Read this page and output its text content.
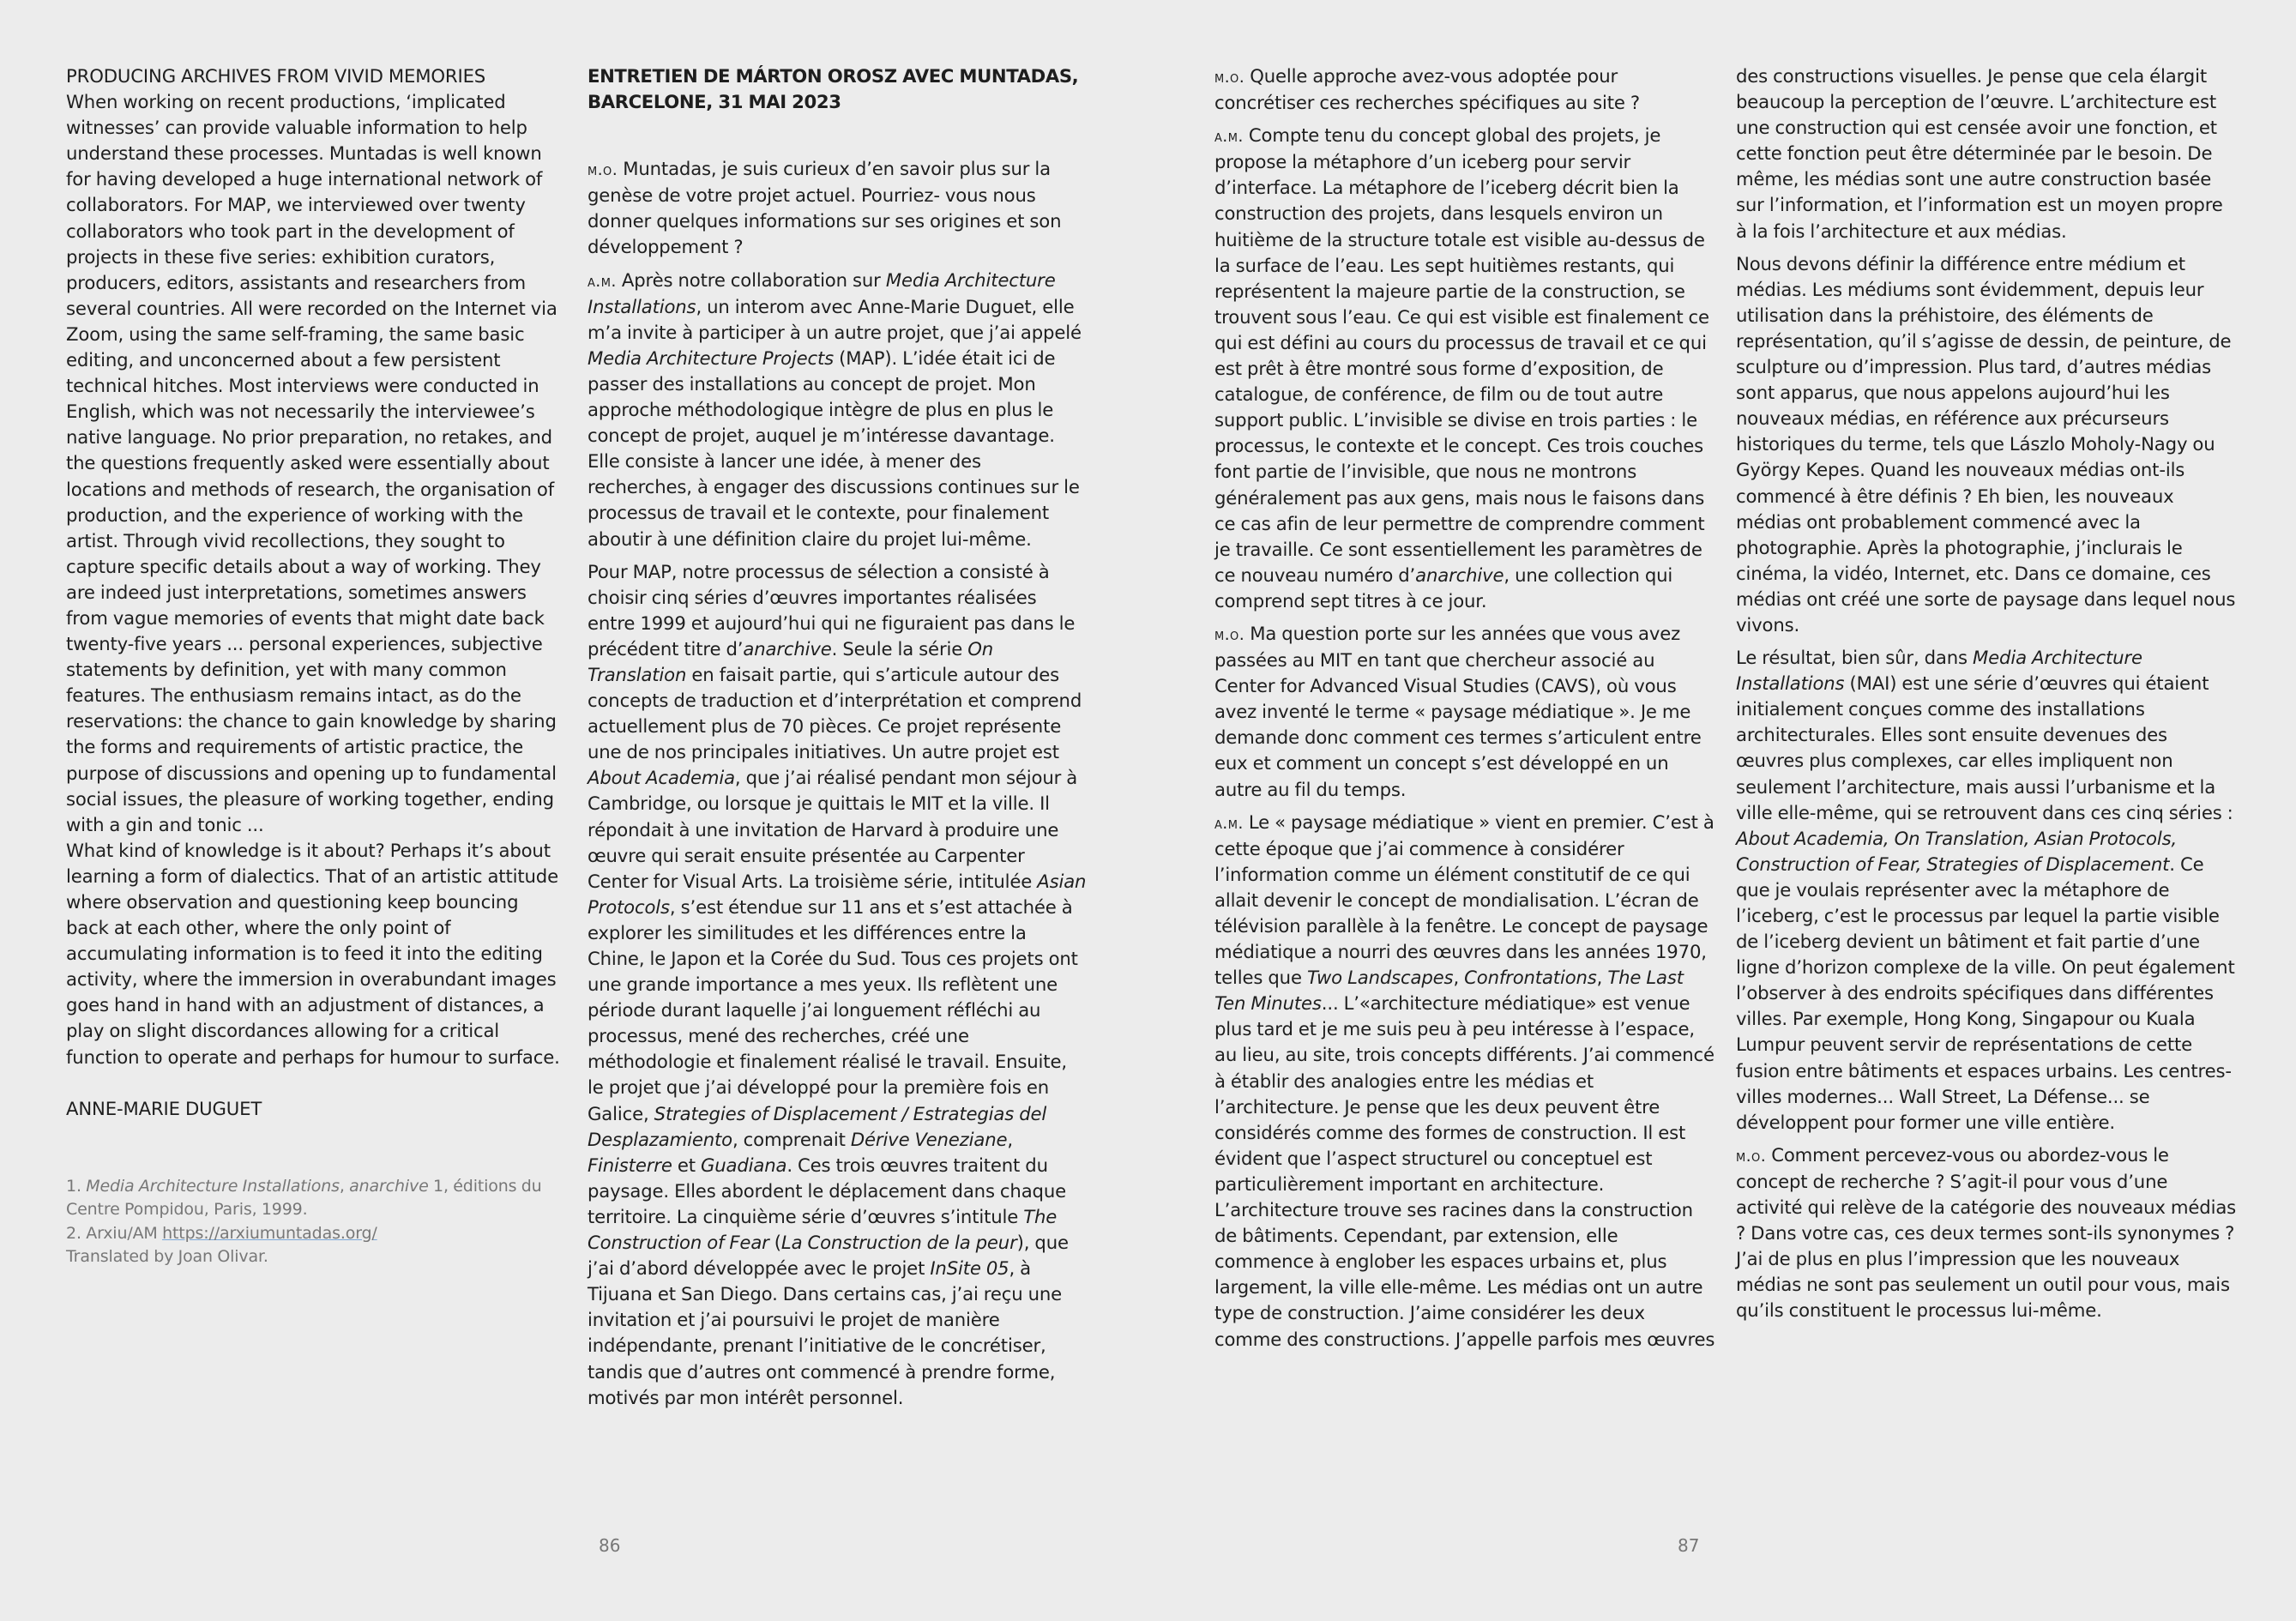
PRODUCING ARCHIVES FROM VIVID MEMORIES

When working on recent productions, ‘implicated witnesses’ can provide valuable information to help understand these processes. Muntadas is well known for having developed a huge international network of collaborators. For MAP, we interviewed over twenty collaborators who took part in the development of projects in these five series: exhibition curators, producers, editors, assistants and researchers from several countries. All were recorded on the Internet via Zoom, using the same self-framing, the same basic editing, and unconcerned about a few persistent technical hitches. Most interviews were conducted in English, which was not necessarily the interviewee’s native language. No prior preparation, no retakes, and the questions frequently asked were essentially about locations and methods of research, the organisation of production, and the experience of working with the artist. Through vivid recollections, they sought to capture specific details about a way of working. They are indeed just interpretations, sometimes answers from vague memories of events that might date back twenty-five years ... personal experiences, subjective statements by definition, yet with many common features. The enthusiasm remains intact, as do the reservations: the chance to gain knowledge by sharing the forms and requirements of artistic practice, the purpose of discussions and opening up to fundamental social issues, the pleasure of working together, ending with a gin and tonic ...

What kind of knowledge is it about? Perhaps it’s about learning a form of dialectics. That of an artistic attitude where observation and questioning keep bouncing back at each other, where the only point of accumulating information is to feed it into the editing activity, where the immersion in overabundant images goes hand in hand with an adjustment of distances, a play on slight discordances allowing for a critical function to operate and perhaps for humour to surface.

ANNE-MARIE DUGUET

1. Media Architecture Installations, anarchive 1, éditions du Centre Pompidou, Paris, 1999.

2. Arxiu/AM https://arxiumuntadas.org/

Translated by Joan Olivar.

ENTRETIEN DE MÁRTON OROSZ AVEC MUNTADAS, BARCELONE, 31 MAI 2023

m.o. Muntadas, je suis curieux d’en savoir plus sur la genèse de votre projet actuel. Pourriez- vous nous donner quelques informations sur ses origines et son développement ?

a.m. Après notre collaboration sur Media Architecture Installations, un interom avec Anne-Marie Duguet, elle m’a invite à participer à un autre projet, que j’ai appelé Media Architecture Projects (MAP). L’idée était ici de passer des installations au concept de projet. Mon approche méthodologique intègre de plus en plus le concept de projet, auquel je m’intéresse davantage. Elle consiste à lancer une idée, à mener des recherches, à engager des discussions continues sur le processus de travail et le contexte, pour finalement aboutir à une définition claire du projet lui-même.

Pour MAP, notre processus de sélection a consisté à choisir cinq séries d’œuvres importantes réalisées entre 1999 et aujourd’hui qui ne figuraient pas dans le précédent titre d’anarchive. Seule la série On Translation en faisait partie, qui s’articule autour des concepts de traduction et d’interprétation et comprend actuellement plus de 70 pièces. Ce projet représente une de nos principales initiatives. Un autre projet est About Academia, que j’ai réalisé pendant mon séjour à Cambridge, ou lorsque je quittais le MIT et la ville. Il répondait à une invitation de Harvard à produire une œuvre qui serait ensuite présentée au Carpenter Center for Visual Arts. La troisième série, intitulée Asian Protocols, s’est étendue sur 11 ans et s’est attachée à explorer les similitudes et les différences entre la Chine, le Japon et la Corée du Sud. Tous ces projets ont une grande importance a mes yeux. Ils reflètent une période durant laquelle j’ai longuement réfléchi au processus, mené des recherches, créé une méthodologie et finalement réalisé le travail. Ensuite, le projet que j’ai développé pour la première fois en Galice, Strategies of Displacement / Estrategias del Desplazamiento, comprenait Dérive Veneziane, Finisterre et Guadiana. Ces trois œuvres traitent du paysage. Elles abordent le déplacement dans chaque territoire. La cinquième série d’œuvres s’intitule The Construction of Fear (La Construction de la peur), que j’ai d’abord développée avec le projet InSite 05, à Tijuana et San Diego. Dans certains cas, j’ai reçu une invitation et j’ai poursuivi le projet de manière indépendante, prenant l’initiative de le concrétiser, tandis que d’autres ont commencé à prendre forme, motivés par mon intérêt personnel.

86

m.o. Quelle approche avez-vous adoptée pour concrétiser ces recherches spécifiques au site ?

a.m. Compte tenu du concept global des projets, je propose la métaphore d’un iceberg pour servir d’interface. La métaphore de l’iceberg décrit bien la construction des projets, dans lesquels environ un huitième de la structure totale est visible au-dessus de la surface de l’eau. Les sept huitièmes restants, qui représentent la majeure partie de la construction, se trouvent sous l’eau. Ce qui est visible est finalement ce qui est défini au cours du processus de travail et ce qui est prêt à être montré sous forme d’exposition, de catalogue, de conférence, de film ou de tout autre support public. L’invisible se divise en trois parties : le processus, le contexte et le concept. Ces trois couches font partie de l’invisible, que nous ne montrons généralement pas aux gens, mais nous le faisons dans ce cas afin de leur permettre de comprendre comment je travaille. Ce sont essentiellement les paramètres de ce nouveau numéro d’anarchive, une collection qui comprend sept titres à ce jour.

m.o. Ma question porte sur les années que vous avez passées au MIT en tant que chercheur associé au Center for Advanced Visual Studies (CAVS), où vous avez inventé le terme « paysage médiatique ». Je me demande donc comment ces termes s’articulent entre eux et comment un concept s’est développé en un autre au fil du temps.

a.m. Le « paysage médiatique » vient en premier. C’est à cette époque que j’ai commence à considérer l’information comme un élément constitutif de ce qui allait devenir le concept de mondialisation. L’écran de télévision parallèle à la fenêtre. Le concept de paysage médiatique a nourri des œuvres dans les années 1970, telles que Two Landscapes, Confrontations, The Last Ten Minutes... L’«architecture médiatique» est venue plus tard et je me suis peu à peu intéresse à l’espace, au lieu, au site, trois concepts différents. J’ai commencé à établir des analogies entre les médias et l’architecture. Je pense que les deux peuvent être considérés comme des formes de construction. Il est évident que l’aspect structurel ou conceptuel est particulièrement important en architecture. L’architecture trouve ses racines dans la construction de bâtiments. Cependant, par extension, elle commence à englober les espaces urbains et, plus largement, la ville elle-même. Les médias ont un autre type de construction. J’aime considérer les deux comme des constructions. J’appelle parfois mes œuvres

des constructions visuelles. Je pense que cela élargit beaucoup la perception de l’œuvre. L’architecture est une construction qui est censée avoir une fonction, et cette fonction peut être déterminée par le besoin. De même, les médias sont une autre construction basée sur l’information, et l’information est un moyen propre à la fois l’architecture et aux médias.

Nous devons définir la différence entre médium et médias. Les médiums sont évidemment, depuis leur utilisation dans la préhistoire, des éléments de représentation, qu’il s’agisse de dessin, de peinture, de sculpture ou d’impression. Plus tard, d’autres médias sont apparus, que nous appelons aujourd’hui les nouveaux médias, en référence aux précurseurs historiques du terme, tels que Lászlo Moholy-Nagy ou György Kepes. Quand les nouveaux médias ont-ils commencé à être définis ? Eh bien, les nouveaux médias ont probablement commencé avec la photographie. Après la photographie, j’inclurais le cinéma, la vidéo, Internet, etc. Dans ce domaine, ces médias ont créé une sorte de paysage dans lequel nous vivons.

Le résultat, bien sûr, dans Media Architecture Installations (MAI) est une série d’œuvres qui étaient initialement conçues comme des installations architecturales. Elles sont ensuite devenues des œuvres plus complexes, car elles impliquent non seulement l’architecture, mais aussi l’urbanisme et la ville elle-même, qui se retrouvent dans ces cinq séries : About Academia, On Translation, Asian Protocols, Construction of Fear, Strategies of Displacement. Ce que je voulais représenter avec la métaphore de l’iceberg, c’est le processus par lequel la partie visible de l’iceberg devient un bâtiment et fait partie d’une ligne d’horizon complexe de la ville. On peut également l’observer à des endroits spécifiques dans différentes villes. Par exemple, Hong Kong, Singapour ou Kuala Lumpur peuvent servir de représentations de cette fusion entre bâtiments et espaces urbains. Les centres-villes modernes... Wall Street, La Défense... se développent pour former une ville entière.

m.o. Comment percevez-vous ou abordez-vous le concept de recherche ? S’agit-il pour vous d’une activité qui relève de la catégorie des nouveaux médias ? Dans votre cas, ces deux termes sont-ils synonymes ? J’ai de plus en plus l’impression que les nouveaux médias ne sont pas seulement un outil pour vous, mais qu’ils constituent le processus lui-même.

87
